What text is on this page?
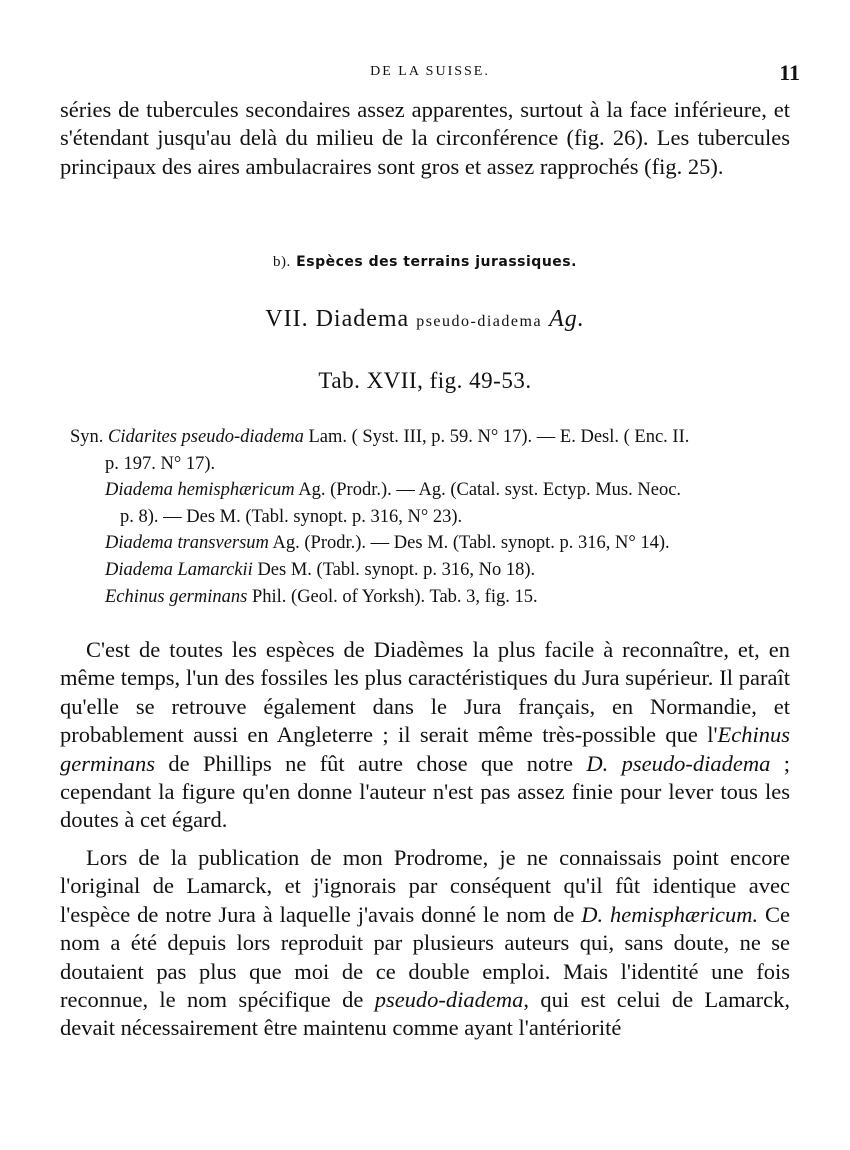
DE LA SUISSE.	11

séries de tubercules secondaires assez apparentes, surtout à la face inférieure, et s'étendant jusqu'au delà du milieu de la circonférence (fig. 26). Les tubercules principaux des aires ambulacraires sont gros et assez rapprochés (fig. 25).

b). Espèces des terrains jurassiques.
VII. Diadema pseudo-diadema Ag.
Tab. XVII, fig. 49-53.
Syn. Cidarites pseudo-diadema Lam. ( Syst. III, p. 59. N° 17). — E. Desl. ( Enc. II.
p. 197. N° 17).
Diadema hemisphæricum Ag. (Prodr.). — Ag. (Catal. syst. Ectyp. Mus. Neoc.
p. 8). — Des M. (Tabl. synopt. p. 316, N° 23).
Diadema transversum Ag. (Prodr.). — Des M. (Tabl. synopt. p. 316, N° 14).
Diadema Lamarckii Des M. (Tabl. synopt. p. 316, No 18).
Echinus germinans Phil. (Geol. of Yorksh). Tab. 3, fig. 15.

C'est de toutes les espèces de Diadèmes la plus facile à reconnaître, et, en même temps, l'un des fossiles les plus caractéristiques du Jura supérieur. Il paraît qu'elle se retrouve également dans le Jura français, en Normandie, et probablement aussi en Angleterre ; il serait même très-possible que l'Echinus germinans de Phillips ne fût autre chose que notre D. pseudo-diadema ; cependant la figure qu'en donne l'auteur n'est pas assez finie pour lever tous les doutes à cet égard.

Lors de la publication de mon Prodrome, je ne connaissais point encore l'original de Lamarck, et j'ignorais par conséquent qu'il fût identique avec l'espèce de notre Jura à laquelle j'avais donné le nom de D. hemisphæricum. Ce nom a été depuis lors reproduit par plusieurs auteurs qui, sans doute, ne se doutaient pas plus que moi de ce double emploi. Mais l'identité une fois reconnue, le nom spécifique de pseudo-diadema, qui est celui de Lamarck, devait nécessairement être maintenu comme ayant l'antériorité
